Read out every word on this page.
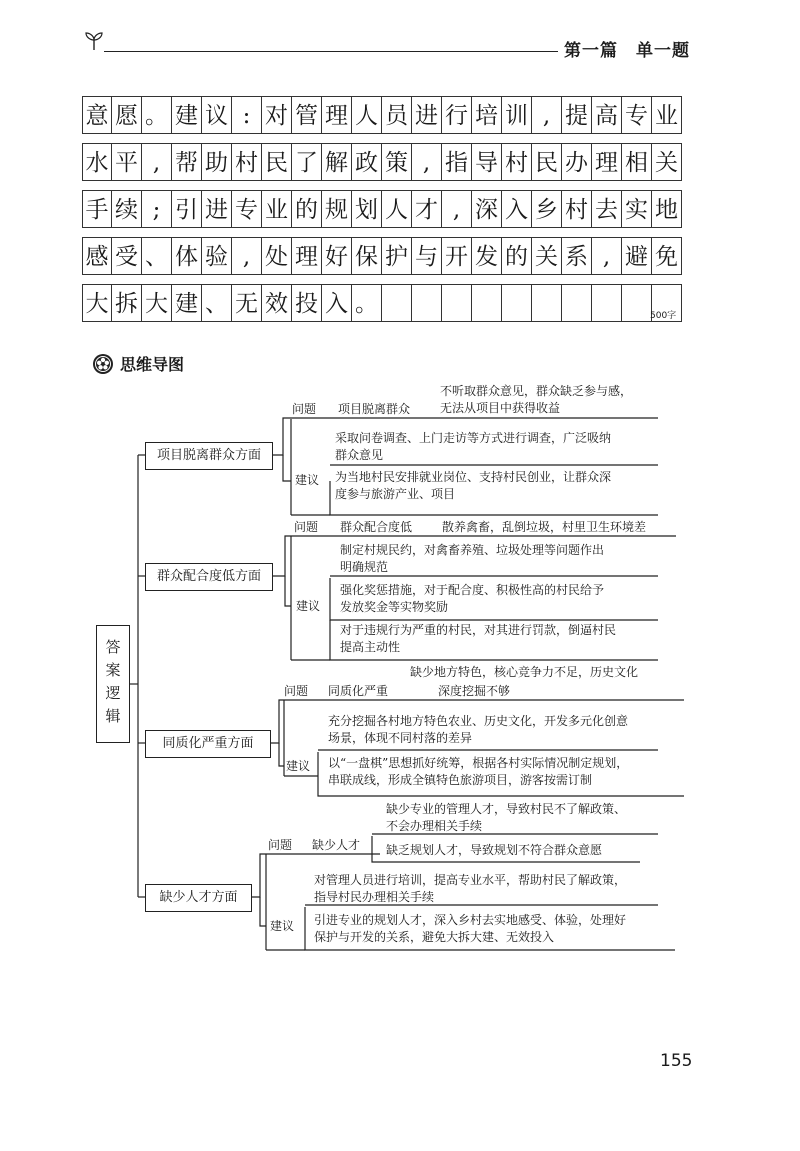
第一篇　单一题
意 愿 。 建 议 : 对 管 理 人 员 进 行 培 训 , 提 高 专 业
水 平 , 帮 助 村 民 了 解 政 策 , 指 导 村 民 办 理 相 关
手 续 ; 引 进 专 业 的 规 划 人 才 , 深 入 乡 村 去 实 地
感 受 、 体 验 , 处 理 好 保 护 与 开 发 的 关 系 , 避 免
大 拆 大 建 、 无 效 投 入 。	500字
思维导图
答
案
逻
辑
项目脱离群众方面
群众配合度低方面
同质化严重方面
缺少人才方面
问题 项目脱离群众
不听取群众意见，群众缺乏参与感，
无法从项目中获得收益
建议
采取问卷调查、上门走访等方式进行调查，广泛吸纳
群众意见
为当地村民安排就业岗位、支持村民创业，让群众深
度参与旅游产业、项目
问题 群众配合度低 散养禽畜，乱倒垃圾，村里卫生环境差
建议
制定村规民约，对禽畜养殖、垃圾处理等问题作出
明确规范
强化奖惩措施，对于配合度、积极性高的村民给予
发放奖金等实物奖励
对于违规行为严重的村民，对其进行罚款，倒逼村民
提高主动性
问题 同质化严重
缺少地方特色，核心竞争力不足，历史文化
深度挖掘不够
建议
充分挖掘各村地方特色农业、历史文化，开发多元化创意
场景，体现不同村落的差异
以“一盘棋”思想抓好统筹，根据各村实际情况制定规划，
串联成线，形成全镇特色旅游项目，游客按需订制
问题 缺少人才
缺少专业的管理人才，导致村民不了解政策、
不会办理相关手续
缺乏规划人才，导致规划不符合群众意愿
建议
对管理人员进行培训，提高专业水平，帮助村民了解政策，
指导村民办理相关手续
引进专业的规划人才，深入乡村去实地感受、体验，处理好
保护与开发的关系，避免大拆大建、无效投入
155
